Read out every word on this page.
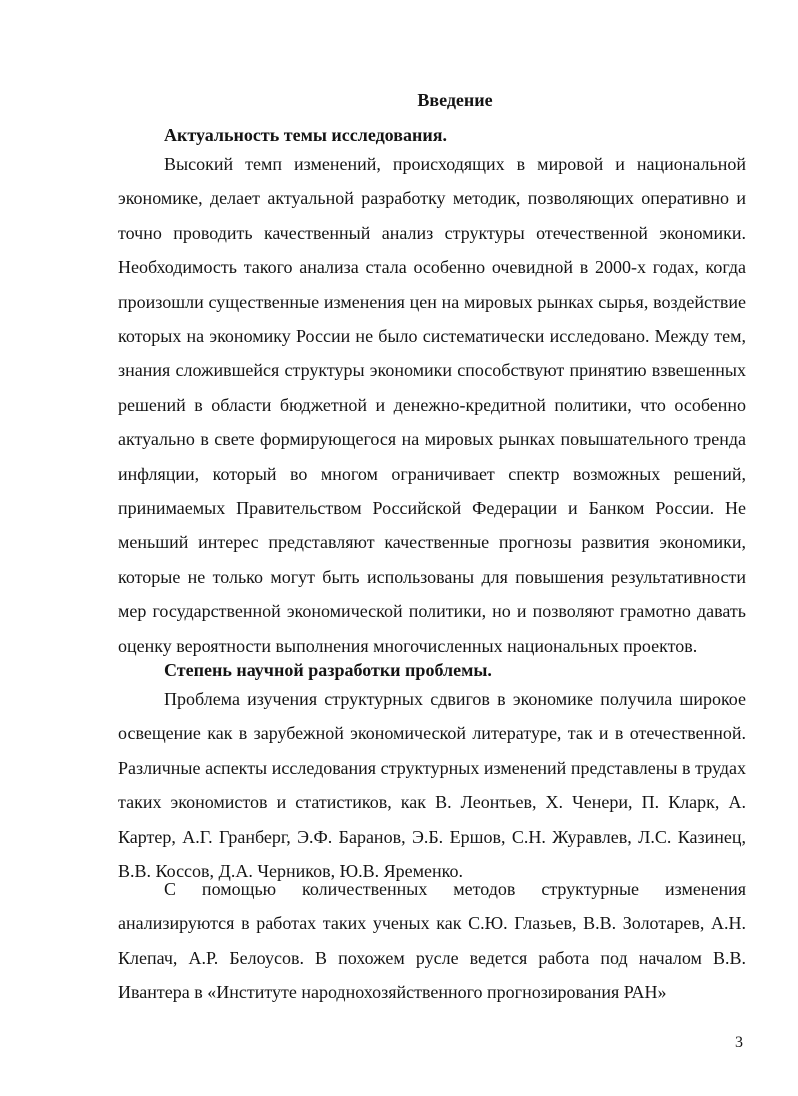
Введение
Актуальность темы исследования.

Высокий темп изменений, происходящих в мировой и национальной экономике, делает актуальной разработку методик, позволяющих оперативно и точно проводить качественный анализ структуры отечественной экономики. Необходимость такого анализа стала особенно очевидной в 2000-х годах, когда произошли существенные изменения цен на мировых рынках сырья, воздействие которых на экономику России не было систематически исследовано. Между тем, знания сложившейся структуры экономики способствуют принятию взвешенных решений в области бюджетной и денежно-кредитной политики, что особенно актуально в свете формирующегося на мировых рынках повышательного тренда инфляции, который во многом ограничивает спектр возможных решений, принимаемых Правительством Российской Федерации и Банком России. Не меньший интерес представляют качественные прогнозы развития экономики, которые не только могут быть использованы для повышения результативности мер государственной экономической политики, но и позволяют грамотно давать оценку вероятности выполнения многочисленных национальных проектов.

Степень научной разработки проблемы.

Проблема изучения структурных сдвигов в экономике получила широкое освещение как в зарубежной экономической литературе, так и в отечественной. Различные аспекты исследования структурных изменений представлены в трудах таких экономистов и статистиков, как В. Леонтьев, Х. Ченери, П. Кларк, А. Картер, А.Г. Гранберг, Э.Ф. Баранов, Э.Б. Ершов, С.Н. Журавлев, Л.С. Казинец, В.В. Коссов, Д.А. Черников, Ю.В. Яременко.

С помощью количественных методов структурные изменения анализируются в работах таких ученых как С.Ю. Глазьев, В.В. Золотарев, А.Н. Клепач, А.Р. Белоусов. В похожем русле ведется работа под началом В.В. Ивантера в «Институте народнохозяйственного прогнозирования РАН»

3
